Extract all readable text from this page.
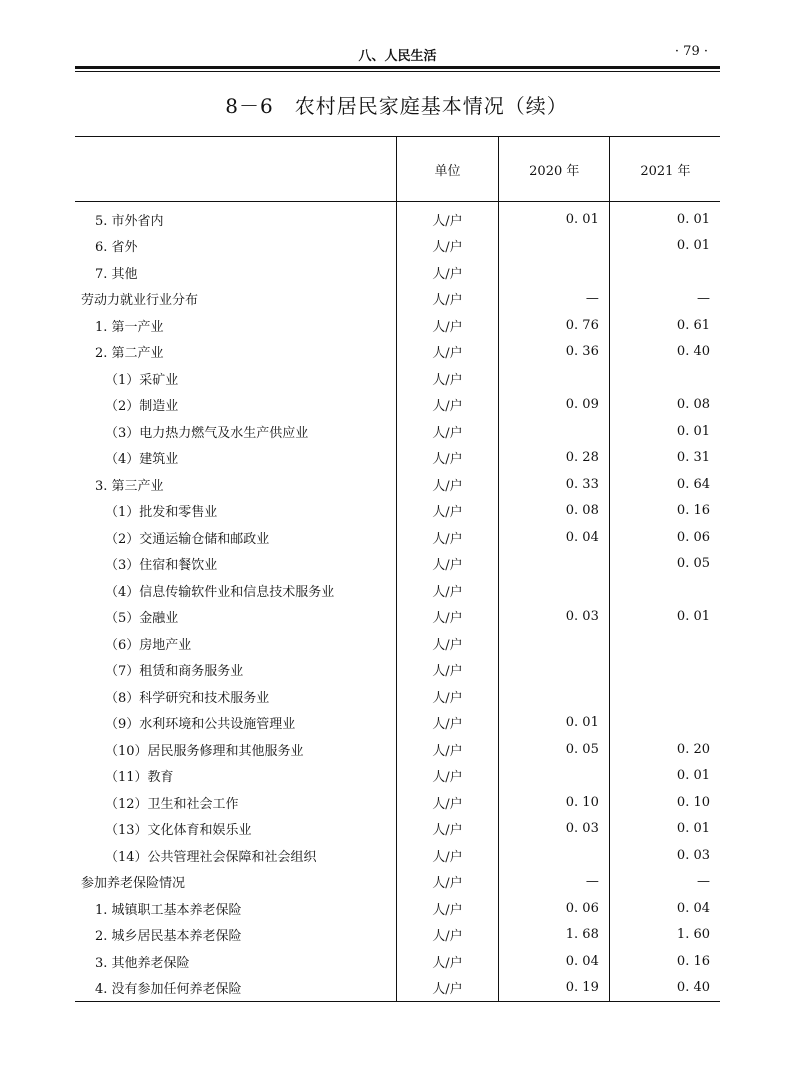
八、人民生活	· 79 ·
8－6　农村居民家庭基本情况（续）
	单位	2020 年	2021 年
5. 市外省内	人/户	0. 01	0. 01
6. 省外	人/户		0. 01
7. 其他	人/户		
劳动力就业行业分布	人/户	—	—
1. 第一产业	人/户	0. 76	0. 61
2. 第二产业	人/户	0. 36	0. 40
（1）采矿业	人/户		
（2）制造业	人/户	0. 09	0. 08
（3）电力热力燃气及水生产供应业	人/户		0. 01
（4）建筑业	人/户	0. 28	0. 31
3. 第三产业	人/户	0. 33	0. 64
（1）批发和零售业	人/户	0. 08	0. 16
（2）交通运输仓储和邮政业	人/户	0. 04	0. 06
（3）住宿和餐饮业	人/户		0. 05
（4）信息传输软件业和信息技术服务业	人/户		
（5）金融业	人/户	0. 03	0. 01
（6）房地产业	人/户		
（7）租赁和商务服务业	人/户		
（8）科学研究和技术服务业	人/户		
（9）水利环境和公共设施管理业	人/户	0. 01	
（10）居民服务修理和其他服务业	人/户	0. 05	0. 20
（11）教育	人/户		0. 01
（12）卫生和社会工作	人/户	0. 10	0. 10
（13）文化体育和娱乐业	人/户	0. 03	0. 01
（14）公共管理社会保障和社会组织	人/户		0. 03
参加养老保险情况	人/户	—	—
1. 城镇职工基本养老保险	人/户	0. 06	0. 04
2. 城乡居民基本养老保险	人/户	1. 68	1. 60
3. 其他养老保险	人/户	0. 04	0. 16
4. 没有参加任何养老保险	人/户	0. 19	0. 40
